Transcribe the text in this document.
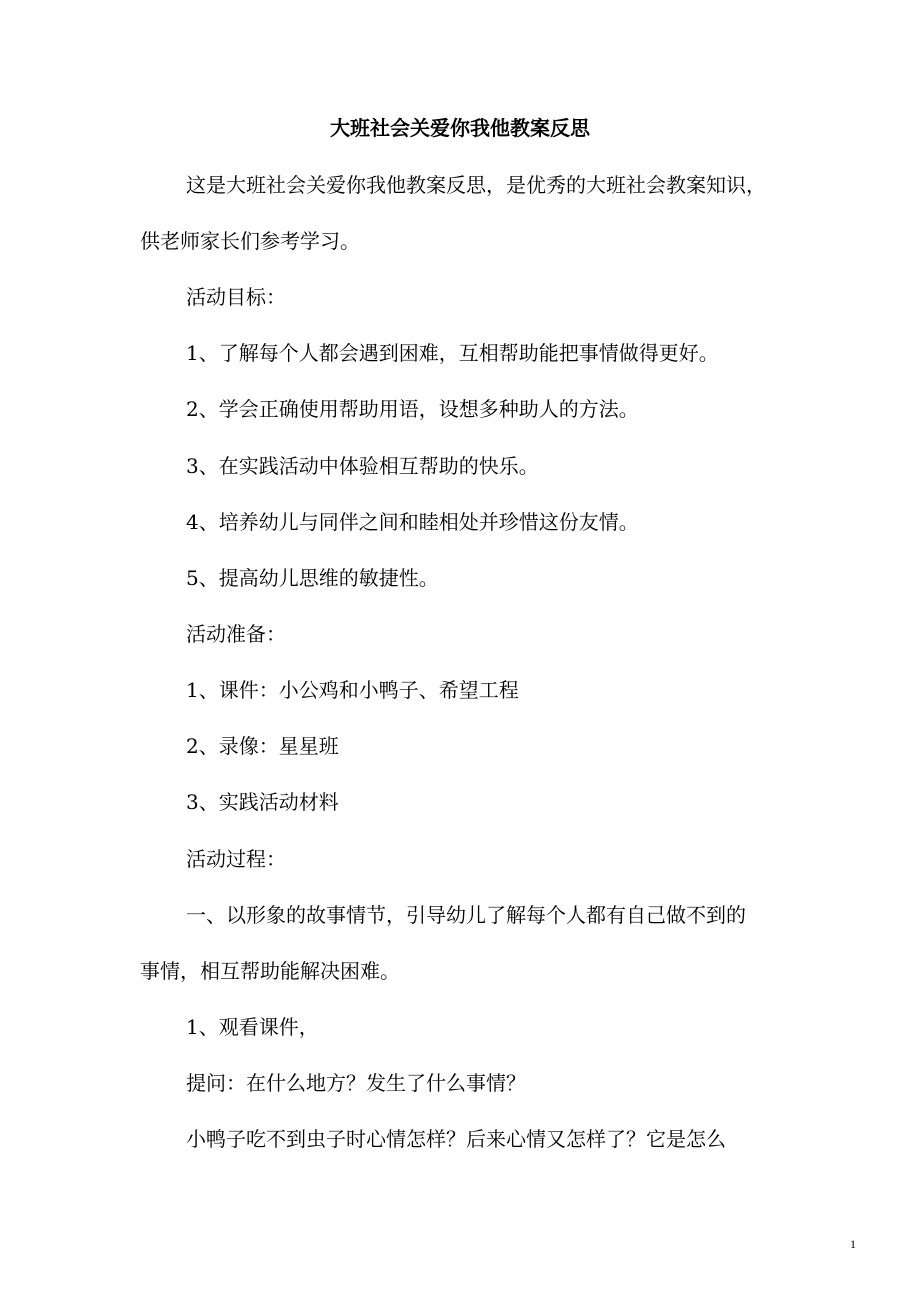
大班社会关爱你我他教案反思
这是大班社会关爱你我他教案反思，是优秀的大班社会教案知识，
供老师家长们参考学习。
活动目标：
1、了解每个人都会遇到困难，互相帮助能把事情做得更好。
2、学会正确使用帮助用语，设想多种助人的方法。
3、在实践活动中体验相互帮助的快乐。
4、培养幼儿与同伴之间和睦相处并珍惜这份友情。
5、提高幼儿思维的敏捷性。
活动准备：
1、课件：小公鸡和小鸭子、希望工程
2、录像：星星班
3、实践活动材料
活动过程：
一、以形象的故事情节，引导幼儿了解每个人都有自己做不到的
事情，相互帮助能解决困难。
1、观看课件，
提问：在什么地方？发生了什么事情？
小鸭子吃不到虫子时心情怎样？后来心情又怎样了？它是怎么
1
